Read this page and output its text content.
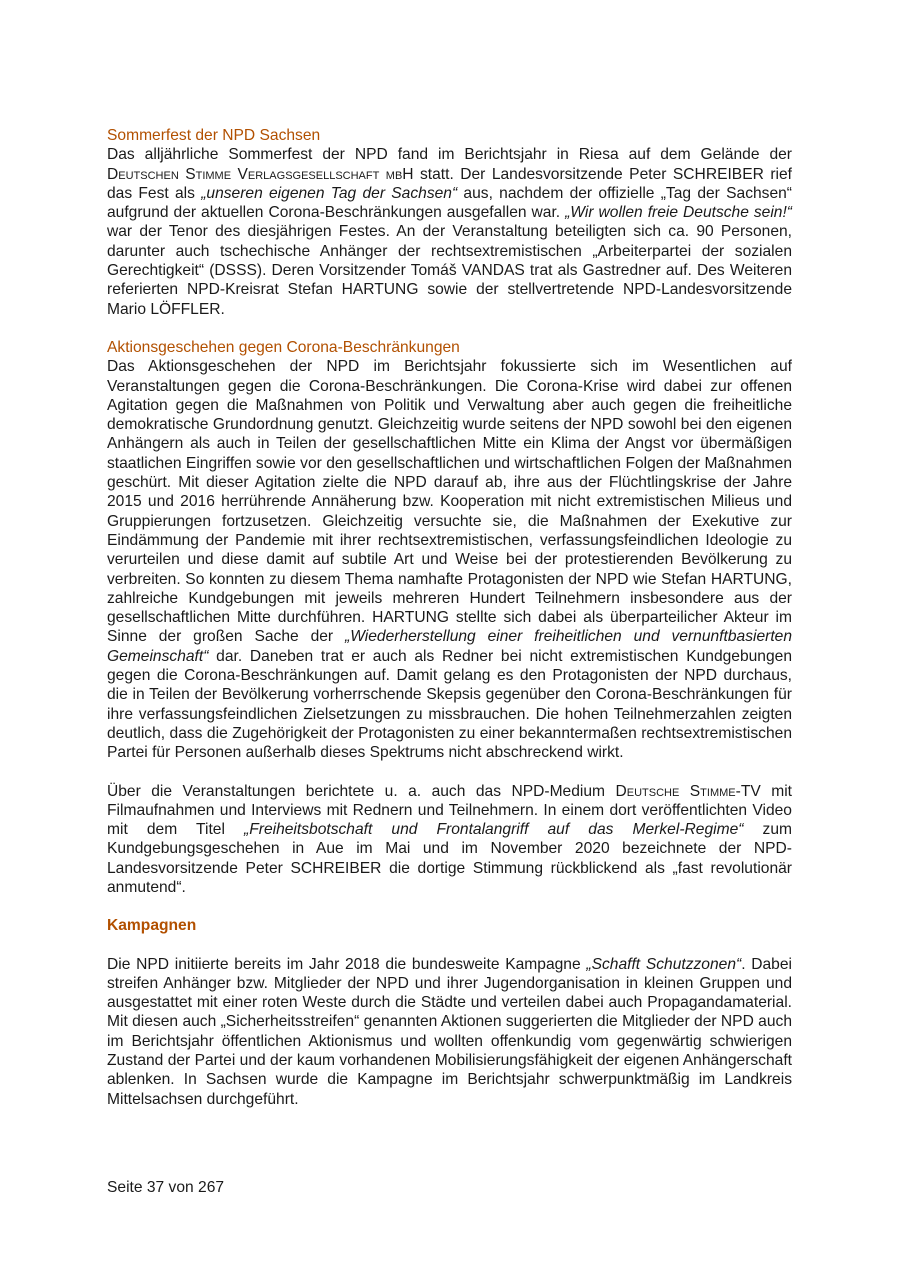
Sommerfest der NPD Sachsen

Das alljährliche Sommerfest der NPD fand im Berichtsjahr in Riesa auf dem Gelände der Deutschen Stimme Verlagsgesellschaft mbH statt. Der Landesvorsitzende Peter SCHREIBER rief das Fest als „unseren eigenen Tag der Sachsen“ aus, nachdem der offizielle „Tag der Sachsen“ aufgrund der aktuellen Corona-Beschränkungen ausgefallen war. „Wir wollen freie Deutsche sein!“ war der Tenor des diesjährigen Festes. An der Veranstaltung beteiligten sich ca. 90 Personen, darunter auch tschechische Anhänger der rechtsextremistischen „Arbeiterpartei der sozialen Gerechtigkeit“ (DSSS). Deren Vorsitzender Tomáš VANDAS trat als Gastredner auf. Des Weiteren referierten NPD-Kreisrat Stefan HARTUNG sowie der stellvertretende NPD-Landesvorsitzende Mario LÖFFLER.

Aktionsgeschehen gegen Corona-Beschränkungen

Das Aktionsgeschehen der NPD im Berichtsjahr fokussierte sich im Wesentlichen auf Veranstaltungen gegen die Corona-Beschränkungen. Die Corona-Krise wird dabei zur offenen Agitation gegen die Maßnahmen von Politik und Verwaltung aber auch gegen die freiheitliche demokratische Grundordnung genutzt. Gleichzeitig wurde seitens der NPD sowohl bei den eigenen Anhängern als auch in Teilen der gesellschaftlichen Mitte ein Klima der Angst vor übermäßigen staatlichen Eingriffen sowie vor den gesellschaftlichen und wirtschaftlichen Folgen der Maßnahmen geschürt. Mit dieser Agitation zielte die NPD darauf ab, ihre aus der Flüchtlingskrise der Jahre 2015 und 2016 herrührende Annäherung bzw. Kooperation mit nicht extremistischen Milieus und Gruppierungen fortzusetzen. Gleichzeitig versuchte sie, die Maßnahmen der Exekutive zur Eindämmung der Pandemie mit ihrer rechtsextremistischen, verfassungsfeindlichen Ideologie zu verurteilen und diese damit auf subtile Art und Weise bei der protestierenden Bevölkerung zu verbreiten. So konnten zu diesem Thema namhafte Protagonisten der NPD wie Stefan HARTUNG, zahlreiche Kundgebungen mit jeweils mehreren Hundert Teilnehmern insbesondere aus der gesellschaftlichen Mitte durchführen. HARTUNG stellte sich dabei als überparteilicher Akteur im Sinne der großen Sache der „Wiederherstellung einer freiheitlichen und vernunftbasierten Gemeinschaft“ dar. Daneben trat er auch als Redner bei nicht extremistischen Kundgebungen gegen die Corona-Beschränkungen auf. Damit gelang es den Protagonisten der NPD durchaus, die in Teilen der Bevölkerung vorherrschende Skepsis gegenüber den Corona-Beschränkungen für ihre verfassungsfeindlichen Zielsetzungen zu missbrauchen. Die hohen Teilnehmerzahlen zeigten deutlich, dass die Zugehörigkeit der Protagonisten zu einer bekanntermaßen rechtsextremistischen Partei für Personen außerhalb dieses Spektrums nicht abschreckend wirkt.

Über die Veranstaltungen berichtete u. a. auch das NPD-Medium Deutsche Stimme-TV mit Filmaufnahmen und Interviews mit Rednern und Teilnehmern. In einem dort veröffentlichten Video mit dem Titel „Freiheitsbotschaft und Frontalangriff auf das Merkel-Regime“ zum Kundgebungsgeschehen in Aue im Mai und im November 2020 bezeichnete der NPD-Landesvorsitzende Peter SCHREIBER die dortige Stimmung rückblickend als „fast revolutionär anmutend“.

Kampagnen

Die NPD initiierte bereits im Jahr 2018 die bundesweite Kampagne „Schafft Schutzzonen“. Dabei streifen Anhänger bzw. Mitglieder der NPD und ihrer Jugendorganisation in kleinen Gruppen und ausgestattet mit einer roten Weste durch die Städte und verteilen dabei auch Propagandamaterial. Mit diesen auch „Sicherheitsstreifen“ genannten Aktionen suggerierten die Mitglieder der NPD auch im Berichtsjahr öffentlichen Aktionismus und wollten offenkundig vom gegenwärtig schwierigen Zustand der Partei und der kaum vorhandenen Mobilisierungsfähigkeit der eigenen Anhängerschaft ablenken. In Sachsen wurde die Kampagne im Berichtsjahr schwerpunktmäßig im Landkreis Mittelsachsen durchgeführt.

Seite 37 von 267
